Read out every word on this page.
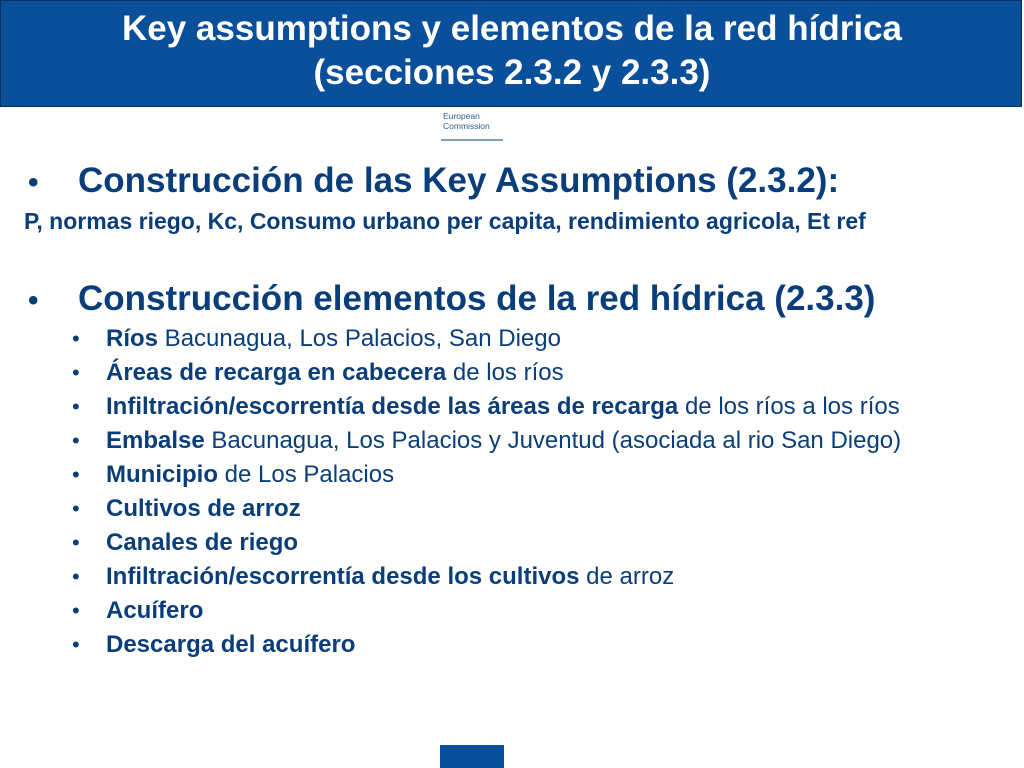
Key assumptions y elementos de la red hídrica
(secciones 2.3.2 y 2.3.3)
European
Commission
•	Construcción de las Key Assumptions (2.3.2):
P, normas riego, Kc, Consumo urbano per capita, rendimiento agricola, Et ref
•	Construcción elementos de la red hídrica (2.3.3)
• Ríos Bacunagua, Los Palacios, San Diego
• Áreas de recarga en cabecera de los ríos
• Infiltración/escorrentía desde las áreas de recarga de los ríos a los ríos
• Embalse Bacunagua, Los Palacios y Juventud (asociada al rio San Diego)
• Municipio de Los Palacios
• Cultivos de arroz
• Canales de riego
• Infiltración/escorrentía desde los cultivos de arroz
• Acuífero
• Descarga del acuífero
